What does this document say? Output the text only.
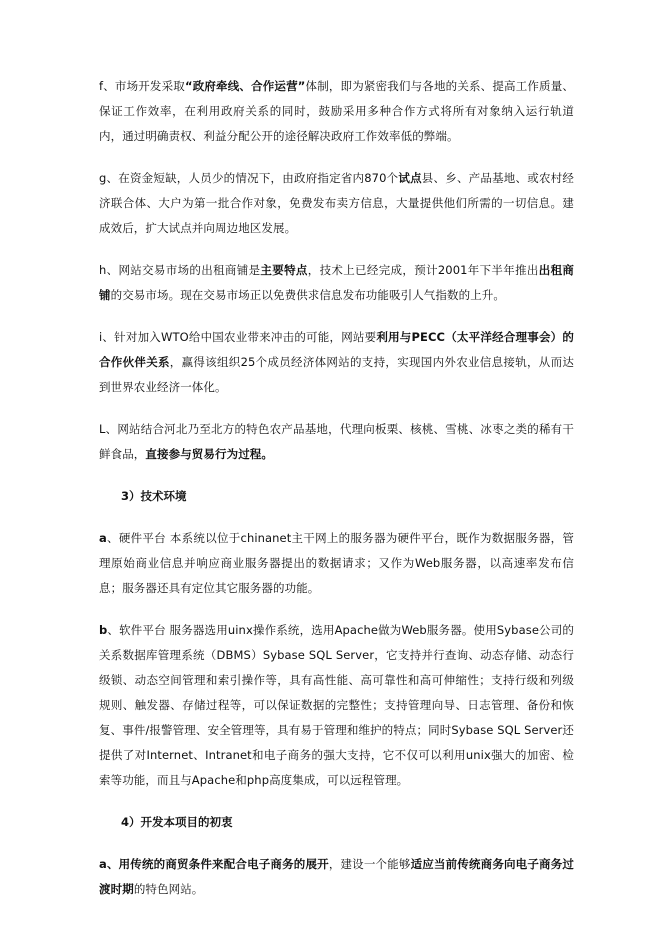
f、市场开发采取“政府牵线、合作运营”体制，即为紧密我们与各地的关系、提高工作质量、保证工作效率，在利用政府关系的同时，鼓励采用多种合作方式将所有对象纳入运行轨道内，通过明确责权、利益分配公开的途径解决政府工作效率低的弊端。

g、在资金短缺，人员少的情况下，由政府指定省内870个试点县、乡、产品基地、或农村经济联合体、大户为第一批合作对象，免费发布卖方信息，大量提供他们所需的一切信息。建成效后，扩大试点并向周边地区发展。

h、网站交易市场的出租商铺是主要特点，技术上已经完成，预计2001年下半年推出出租商铺的交易市场。现在交易市场正以免费供求信息发布功能吸引人气指数的上升。

i、针对加入WTO给中国农业带来冲击的可能，网站要利用与PECC（太平洋经合理事会）的合作伙伴关系，赢得该组织25个成员经济体网站的支持，实现国内外农业信息接轨，从而达到世界农业经济一体化。

L、网站结合河北乃至北方的特色农产品基地，代理向板栗、核桃、雪桃、冰枣之类的稀有干鲜食品，直接参与贸易行为过程。

3）技术环境

a、硬件平台 本系统以位于chinanet主干网上的服务器为硬件平台，既作为数据服务器，管理原始商业信息并响应商业服务器提出的数据请求；又作为Web服务器，以高速率发布信息；服务器还具有定位其它服务器的功能。

b、软件平台 服务器选用uinx操作系统，选用Apache做为Web服务器。使用Sybase公司的关系数据库管理系统（DBMS）Sybase SQL Server，它支持并行查询、动态存储、动态行级锁、动态空间管理和索引操作等，具有高性能、高可靠性和高可伸缩性；支持行级和列级规则、触发器、存储过程等，可以保证数据的完整性；支持管理向导、日志管理、备份和恢复、事件/报警管理、安全管理等，具有易于管理和维护的特点；同时Sybase SQL Server还提供了对Internet、Intranet和电子商务的强大支持，它不仅可以利用unix强大的加密、检索等功能，而且与Apache和php高度集成，可以远程管理。

4）开发本项目的初衷

a、用传统的商贸条件来配合电子商务的展开，建设一个能够适应当前传统商务向电子商务过渡时期的特色网站。
